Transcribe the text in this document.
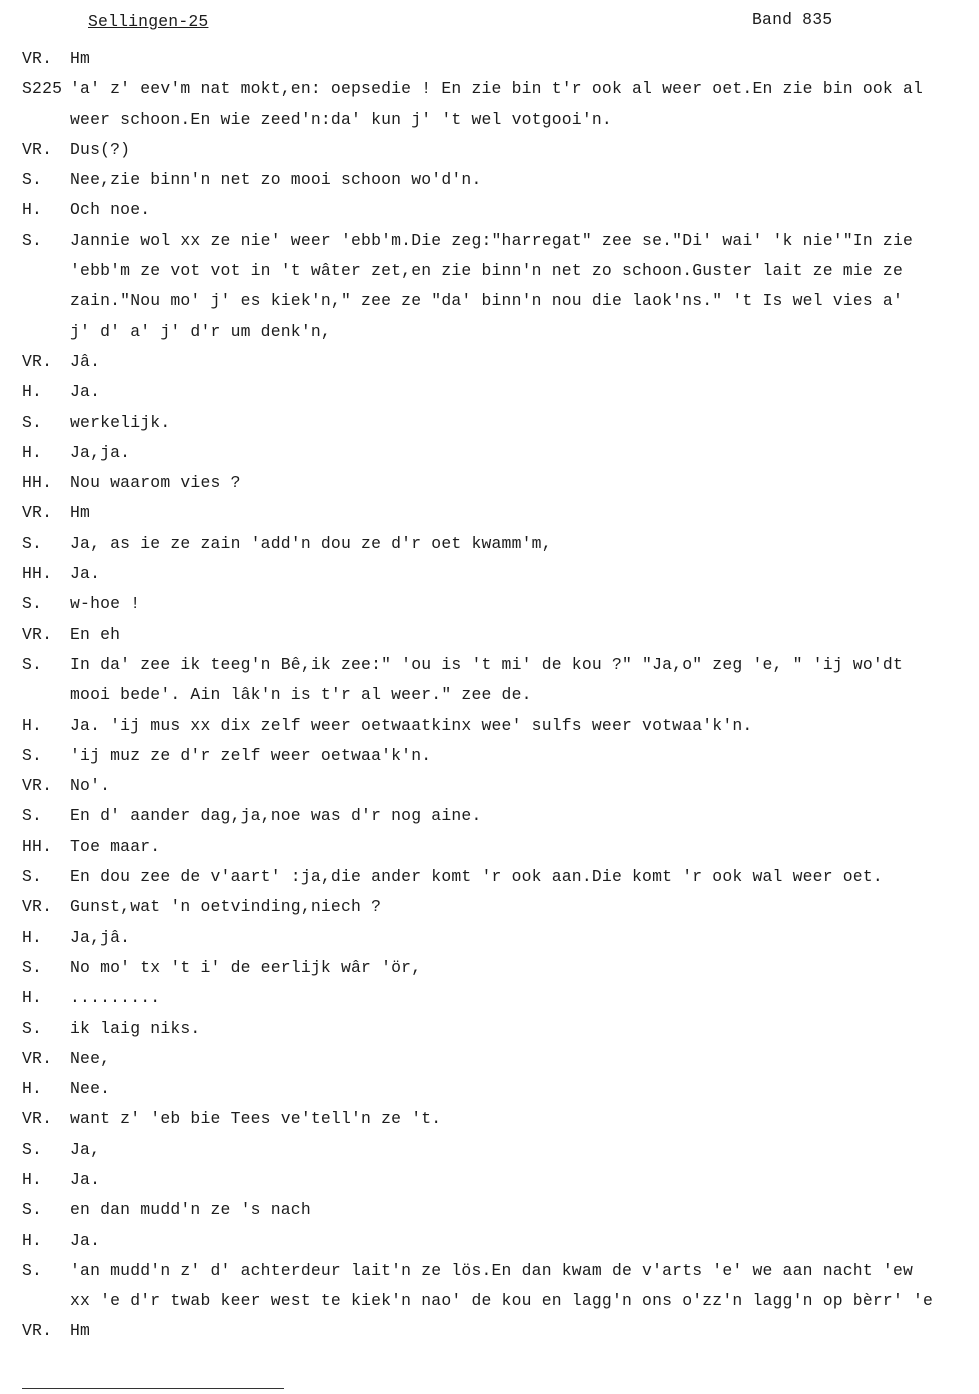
Sellingen-25	Band 835
VR. Hm
S225 'a' z' eev'm nat mokt,en: oepsedie ! En zie bin t'r ook al weer oet.En zie bin ook al
weer schoon.En wie zeed'n:da' kun j' 't wel votgooi'n.
VR. Dus(?)
S. Nee,zie binn'n net zo mooi schoon wo'd'n.
H. Och noe.
S. Jannie wol xx ze nie' weer 'ebb'm.Die zeg:"harregat" zee se."Di' wai' 'k nie'"In zie
'ebb'm ze vot vot in 't wâter zet,en zie binn'n net zo schoon.Guster lait ze mie ze
zain."Nou mo' j' es kiek'n," zee ze "da' binn'n nou die laok'ns." 't Is wel vies a'
j' d' a' j' d'r um denk'n,
VR. Jâ.
H. Ja.
S. werkelijk.
H. Ja,ja.
HH. Nou waarom vies ?
VR. Hm
S. Ja, as ie ze zain 'add'n dou ze d'r oet kwamm'm,
HH. Ja.
S. w-hoe !
VR. En eh
S. In da' zee ik teeg'n Bê,ik zee:" 'ou is 't mi' de kou ?" "Ja,o" zeg 'e, " 'ij wo'dt
mooi bede'. Ain lâk'n is t'r al weer." zee de.
H. Ja. 'ij mus xx dix zelf weer oetwaatkinx wee' sulfs weer votwaa'k'n.
S. 'ij muz ze d'r zelf weer oetwaa'k'n.
VR. No'.
S. En d' aander dag,ja,noe was d'r nog aine.
HH. Toe maar.
S. En dou zee de v'aart' :ja,die ander komt 'r ook aan.Die komt 'r ook wal weer oet.
VR. Gunst,wat 'n oetvinding,niech ?
H. Ja,jâ.
S. No mo' tx 't i' de eerlijk wâr 'ör,
H. .........
S. ik laig niks.
VR. Nee,
H. Nee.
VR. want z' 'eb bie Tees ve'tell'n ze 't.
S. Ja,
H. Ja.
S. en dan mudd'n ze 's nach
H. Ja.
S. 'an mudd'n z' d' achterdeur lait'n ze lös.En dan kwam de v'arts 'e' we aan nacht 'ew
xx 'e d'r twab keer west te kiek'n nao' de kou en lagg'n ons o'zz'n lagg'n op bèrr' 'e
VR. Hm
